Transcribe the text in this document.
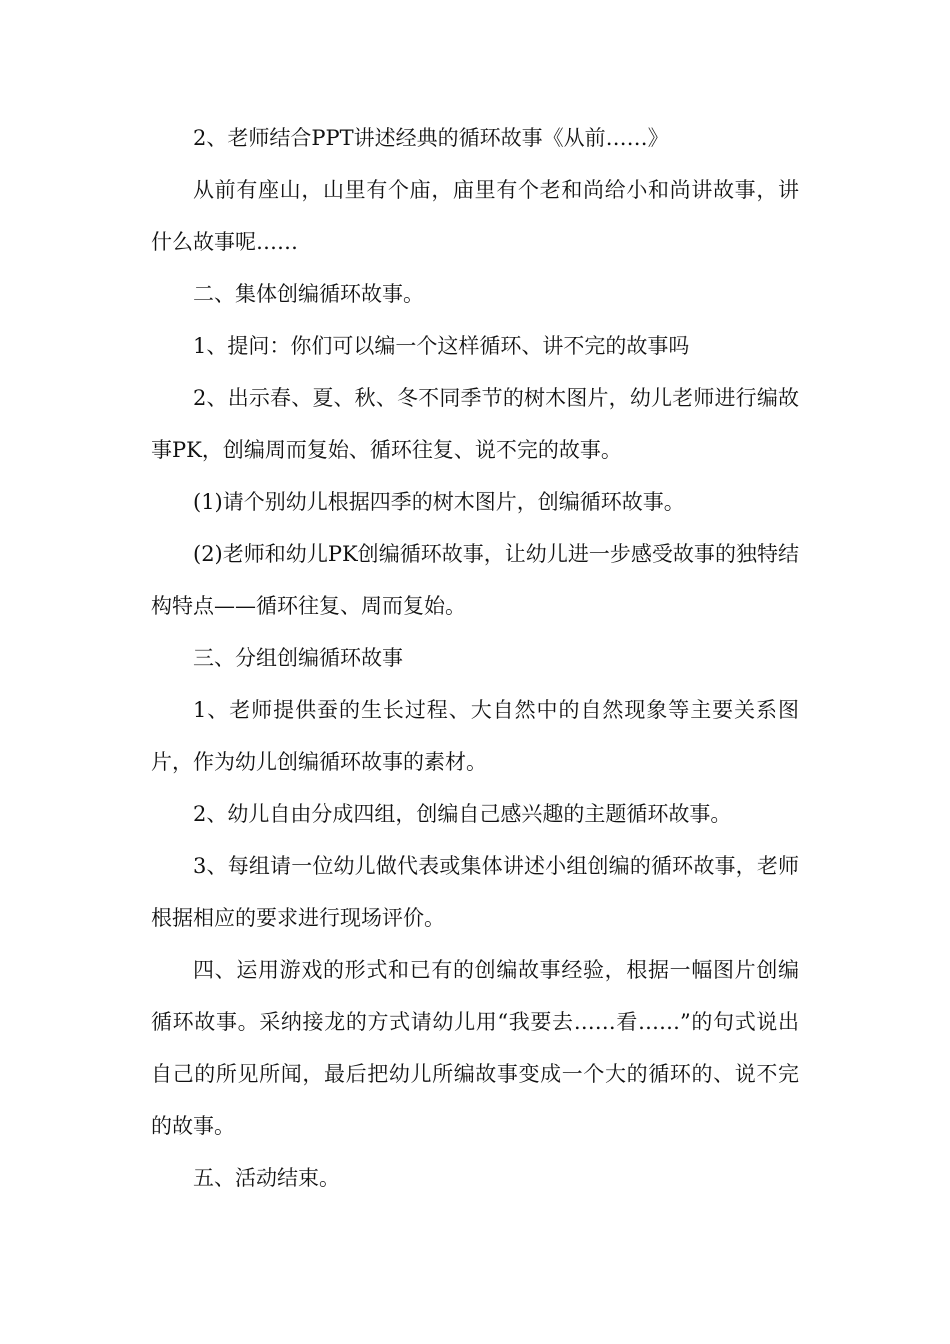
2、老师结合PPT讲述经典的循环故事《从前……》

从前有座山，山里有个庙，庙里有个老和尚给小和尚讲故事，讲什么故事呢……

二、集体创编循环故事。

1、提问：你们可以编一个这样循环、讲不完的故事吗

2、出示春、夏、秋、冬不同季节的树木图片，幼儿老师进行编故事PK，创编周而复始、循环往复、说不完的故事。

(1)请个别幼儿根据四季的树木图片，创编循环故事。

(2)老师和幼儿PK创编循环故事，让幼儿进一步感受故事的独特结构特点——循环往复、周而复始。

三、分组创编循环故事

1、老师提供蚕的生长过程、大自然中的自然现象等主要关系图片，作为幼儿创编循环故事的素材。

2、幼儿自由分成四组，创编自己感兴趣的主题循环故事。

3、每组请一位幼儿做代表或集体讲述小组创编的循环故事，老师根据相应的要求进行现场评价。

四、运用游戏的形式和已有的创编故事经验，根据一幅图片创编循环故事。采纳接龙的方式请幼儿用“我要去……看……”的句式说出自己的所见所闻，最后把幼儿所编故事变成一个大的循环的、说不完的故事。

五、活动结束。
